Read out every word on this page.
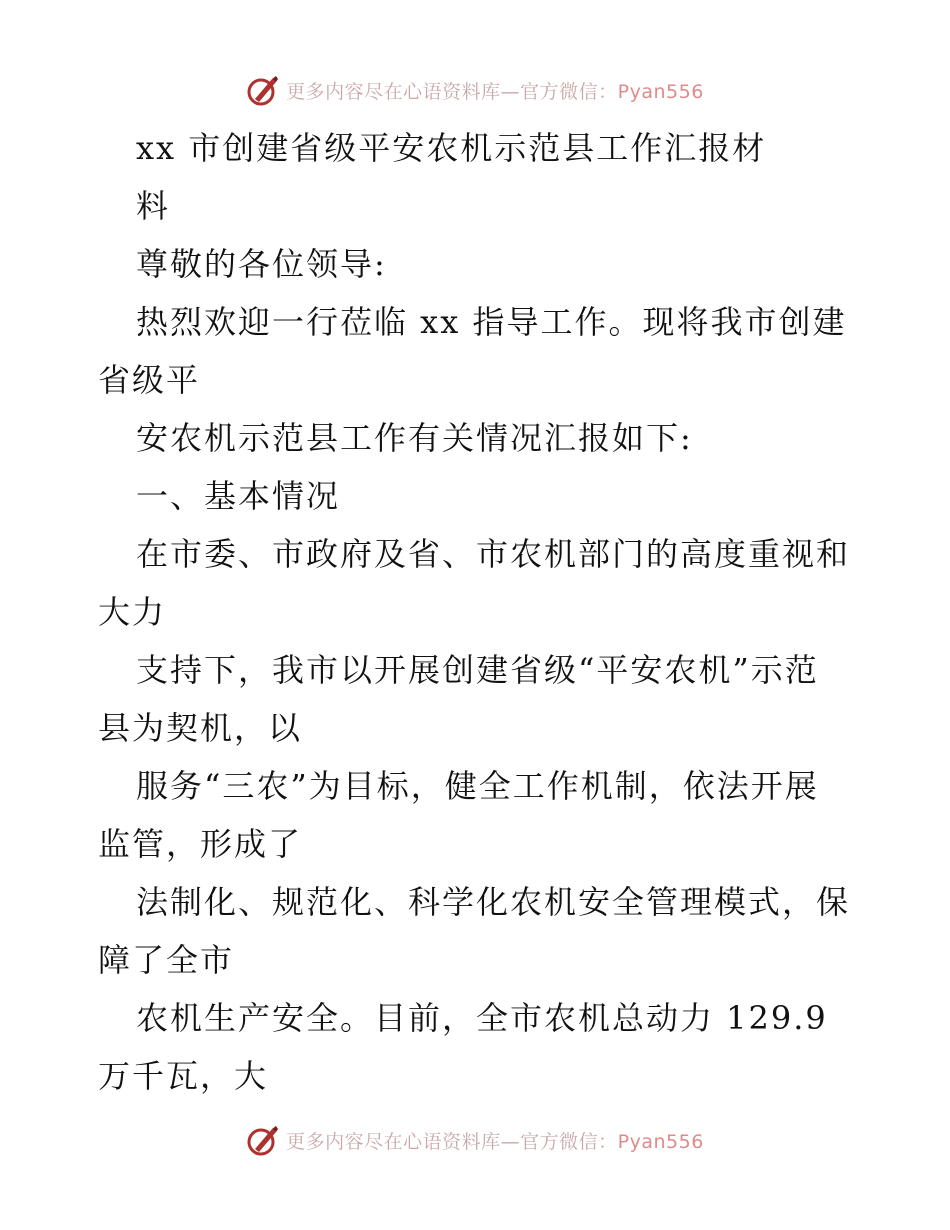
更多内容尽在心语资料库—官方微信：Pyan556
xx 市创建省级平安农机示范县工作汇报材
料
尊敬的各位领导:
热烈欢迎一行莅临 xx 指导工作。现将我市创建
省级平
安农机示范县工作有关情况汇报如下:
一、基本情况
在市委、市政府及省、市农机部门的高度重视和
大力
支持下，我市以开展创建省级“平安农机”示范
县为契机，以
服务“三农”为目标，健全工作机制，依法开展
监管，形成了
法制化、规范化、科学化农机安全管理模式，保
障了全市
农机生产安全。目前，全市农机总动力 129.9
万千瓦，大
更多内容尽在心语资料库—官方微信：Pyan556
